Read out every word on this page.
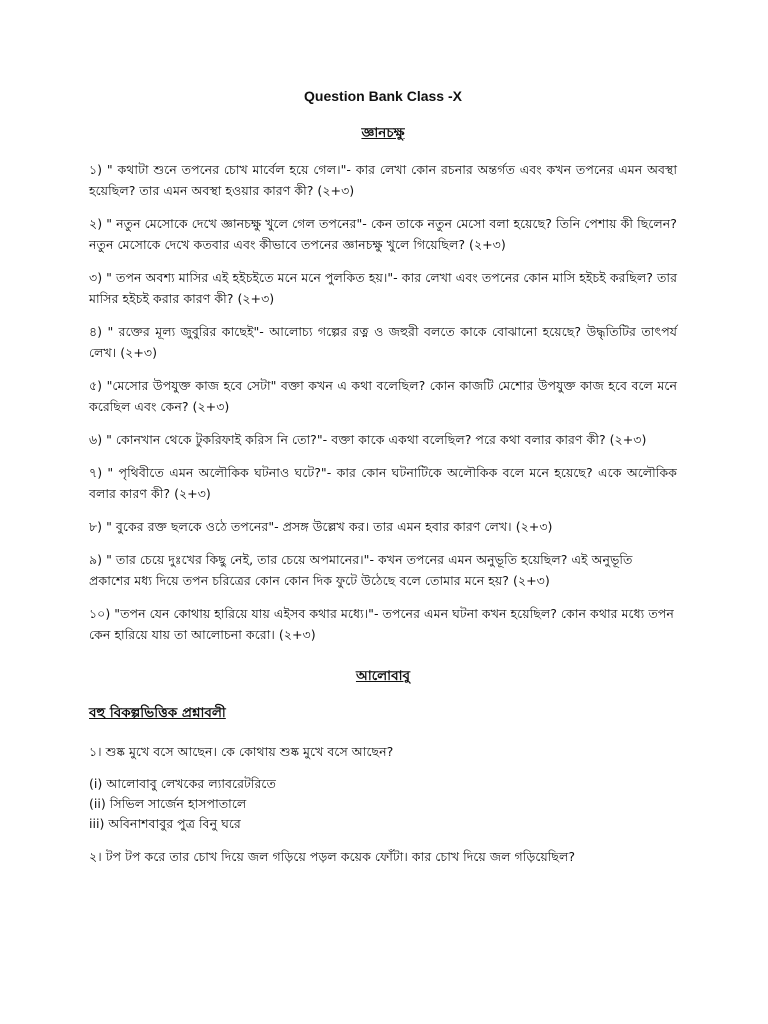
Question Bank Class -X
জ্ঞানচক্ষু
১) " কথাটা শুনে তপনের চোখ মার্বেল হয়ে গেল।"- কার লেখা কোন রচনার অন্তর্গত এবং কখন তপনের এমন অবস্থা হয়েছিল? তার এমন অবস্থা হওয়ার কারণ কী? (২+৩)
২) " নতুন মেসোকে দেখে জ্ঞানচক্ষু খুলে গেল তপনের"- কেন তাকে নতুন মেসো বলা হয়েছে? তিনি পেশায় কী ছিলেন? নতুন মেসোকে দেখে কতবার এবং কীভাবে তপনের জ্ঞানচক্ষু খুলে গিয়েছিল? (২+৩)
৩) " তপন অবশ্য মাসির এই হইচইতে মনে মনে পুলকিত হয়।"- কার লেখা এবং তপনের কোন মাসি হইচই করছিল? তার মাসির হইচই করার কারণ কী? (২+৩)
৪) " রক্তের মূল্য জুবুরির কাছেই"- আলোচ্য গল্পের রত্ন ও জহুরী বলতে কাকে বোঝানো হয়েছে? উদ্ধৃতিটির তাৎপর্য লেখ। (২+৩)
৫) "মেসোর উপযুক্ত কাজ হবে সেটা" বক্তা কখন এ কথা বলেছিল? কোন কাজটি মেশোর উপযুক্ত কাজ হবে বলে মনে করেছিল এবং কেন? (২+৩)
৬) " কোনখান থেকে টুকরিফাই করিস নি তো?"- বক্তা কাকে একথা বলেছিল? পরে কথা বলার কারণ কী? (২+৩)
৭) " পৃথিবীতে এমন অলৌকিক ঘটনাও ঘটে?"- কার কোন ঘটনাটিকে অলৌকিক বলে মনে হয়েছে? একে অলৌকিক বলার কারণ কী? (২+৩)
৮) " বুকের রক্ত ছলকে ওঠে তপনের"- প্রসঙ্গ উল্লেখ কর। তার এমন হবার কারণ লেখ। (২+৩)
৯) " তার চেয়ে দুঃখের কিছু নেই, তার চেয়ে অপমানের।"- কখন তপনের এমন অনুভূতি হয়েছিল? এই অনুভূতি প্রকাশের মধ্য দিয়ে তপন চরিত্রের কোন কোন দিক ফুটে উঠেছে বলে তোমার মনে হয়? (২+৩)
১০) "তপন যেন কোথায় হারিয়ে যায় এইসব কথার মধ্যে।"- তপনের এমন ঘটনা কখন হয়েছিল? কোন কথার মধ্যে তপন কেন হারিয়ে যায় তা আলোচনা করো। (২+৩)
আলোবাবু
বহু বিকল্পভিত্তিক প্রশ্নাবলী
১। শুষ্ক মুখে বসে আছেন। কে কোথায় শুষ্ক মুখে বসে আছেন?
(i) আলোবাবু লেখকের ল্যাবরেটরিতে
(ii) সিভিল সার্জেন হাসপাতালে
iii) অবিনাশবাবুর পুত্র বিনু ঘরে
২। টপ টপ করে তার চোখ দিয়ে জল গড়িয়ে পড়ল কয়েক ফোঁটা। কার চোখ দিয়ে জল গড়িয়েছিল?
